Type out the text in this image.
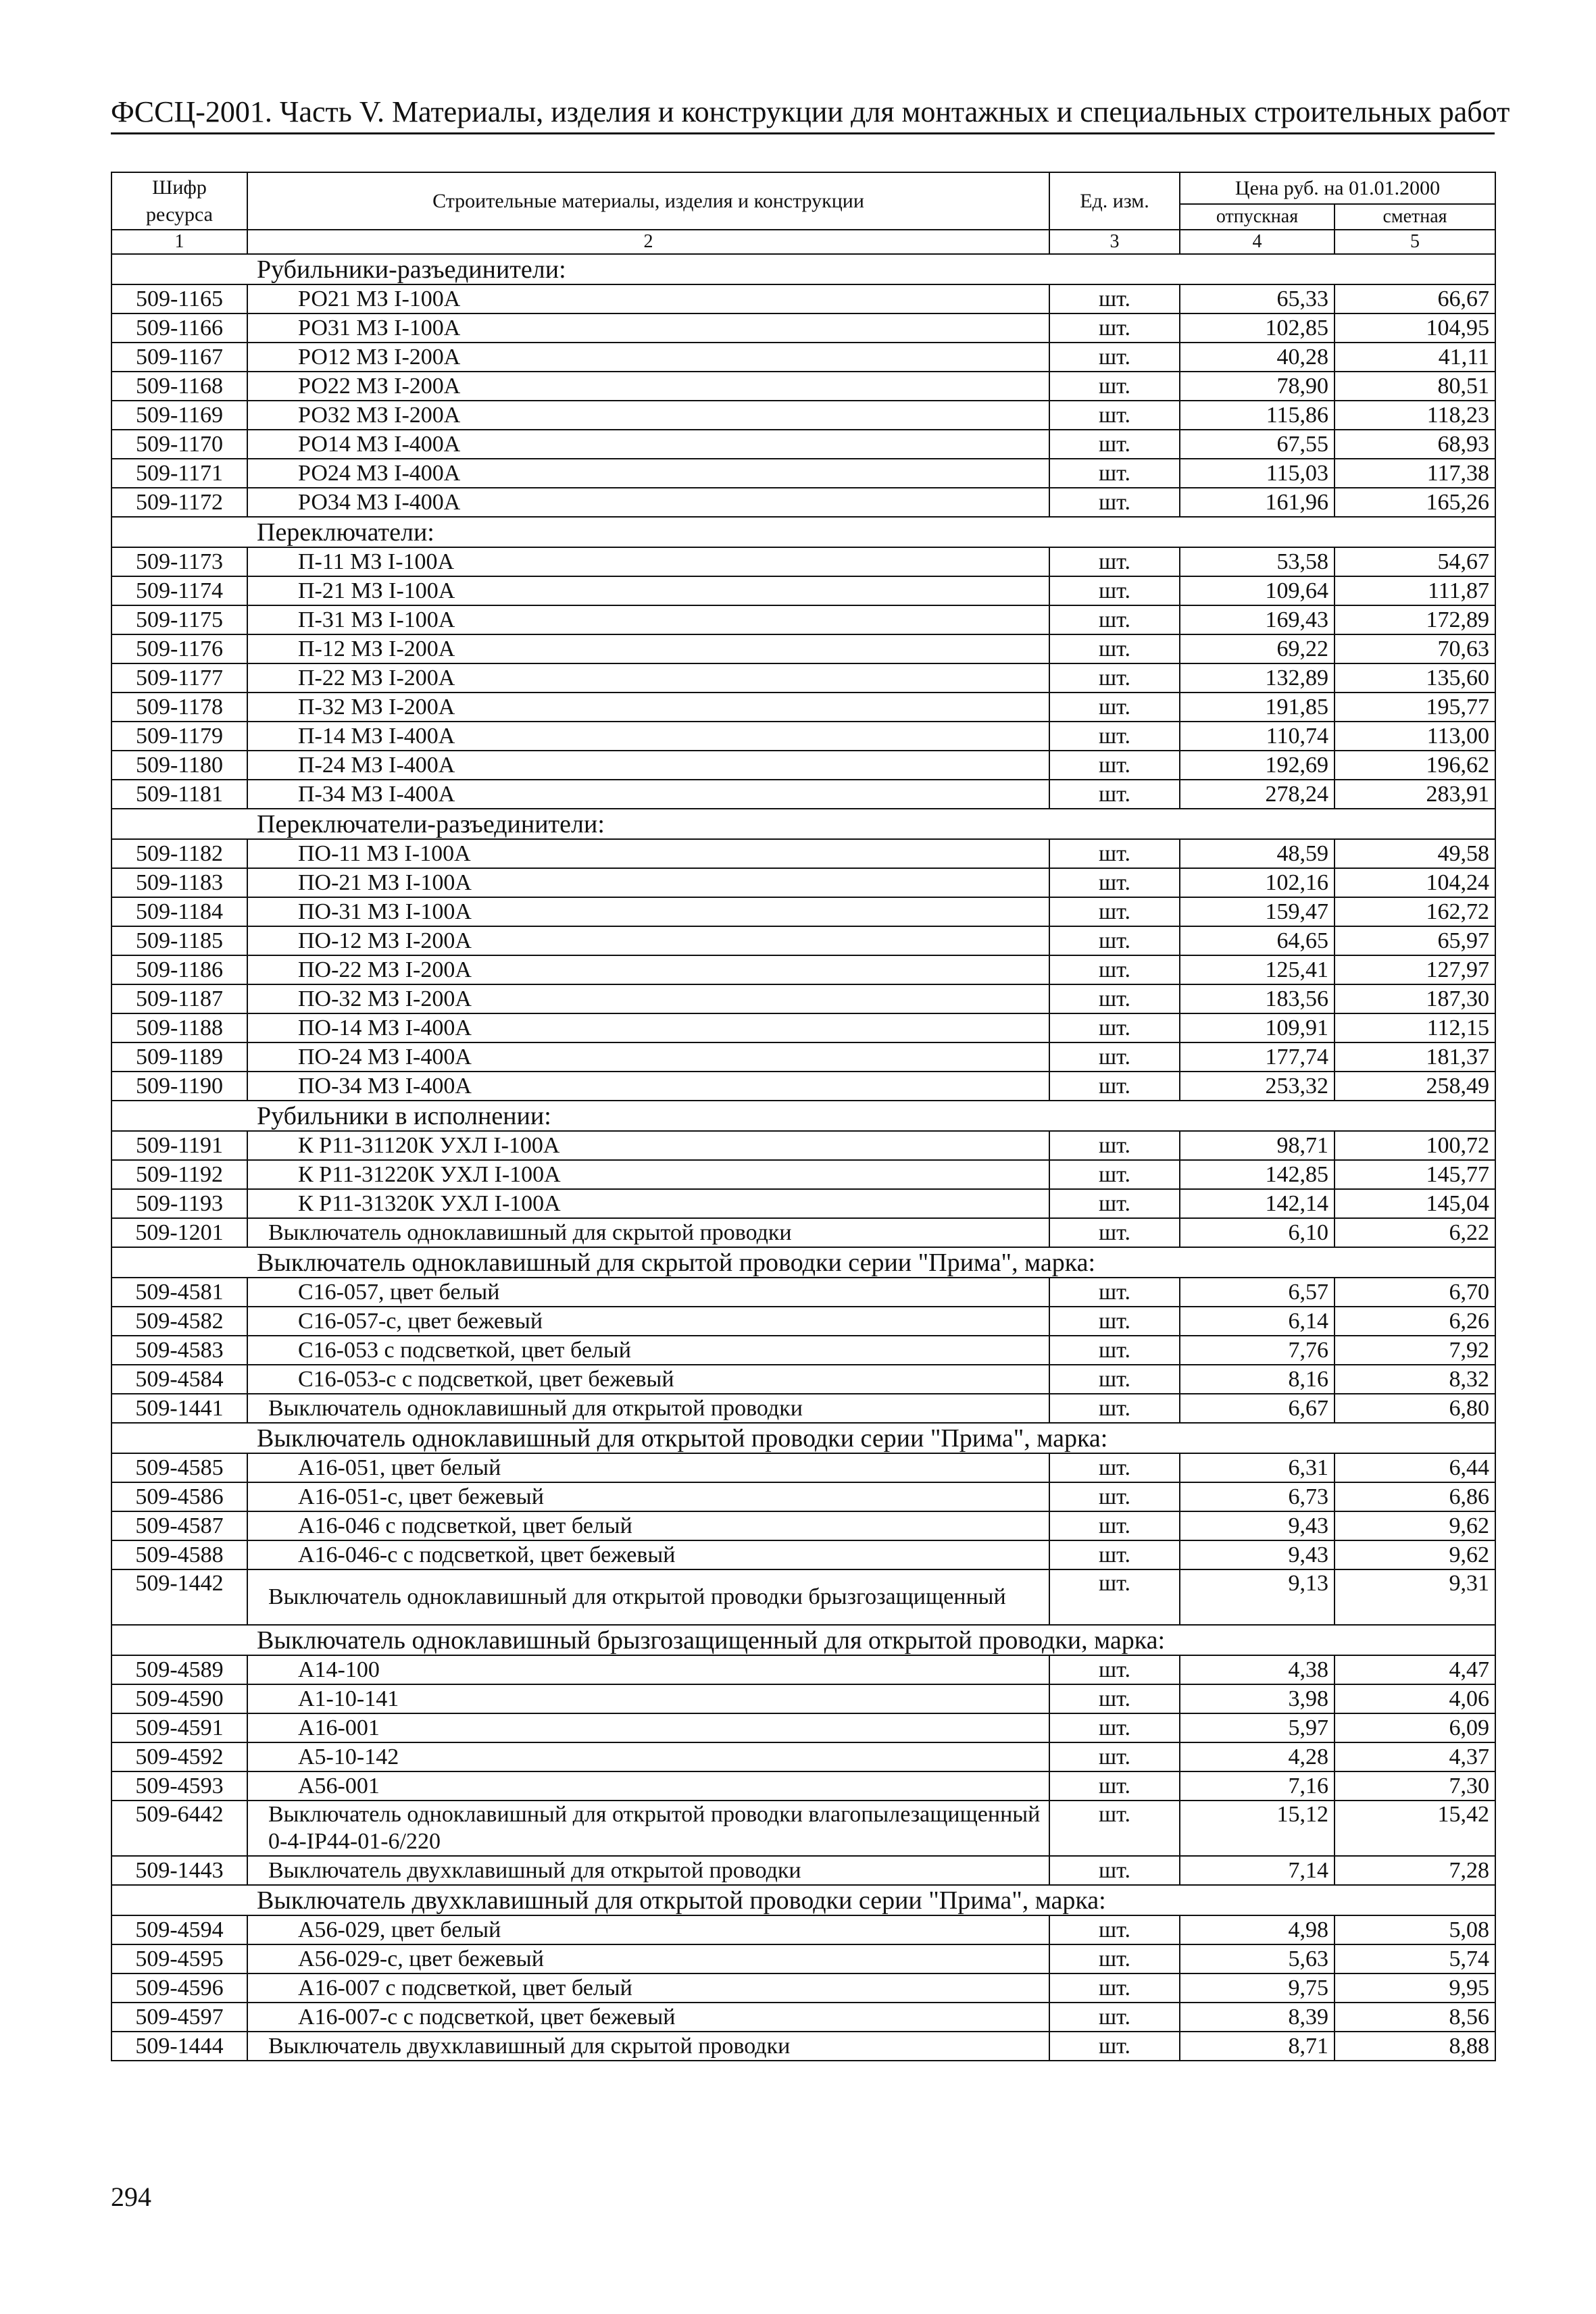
ФССЦ-2001. Часть V. Материалы, изделия и конструкции для монтажных и специальных строительных работ
Шифр ресурса	Строительные материалы, изделия и конструкции	Ед. изм.	Цена руб. на 01.01.2000	
			отпускная	сметная
1	2	3	4	5
Рубильники-разъединители:				
509-1165	РО21 МЗ I-100А	шт.	65,33	66,67
509-1166	РО31 МЗ I-100А	шт.	102,85	104,95
509-1167	РО12 МЗ I-200А	шт.	40,28	41,11
509-1168	РО22 МЗ I-200А	шт.	78,90	80,51
509-1169	РО32 МЗ I-200А	шт.	115,86	118,23
509-1170	РО14 МЗ I-400А	шт.	67,55	68,93
509-1171	РО24 МЗ I-400А	шт.	115,03	117,38
509-1172	РО34 МЗ I-400А	шт.	161,96	165,26
Переключатели:				
509-1173	П-11 МЗ I-100А	шт.	53,58	54,67
509-1174	П-21 МЗ I-100А	шт.	109,64	111,87
509-1175	П-31 МЗ I-100А	шт.	169,43	172,89
509-1176	П-12 МЗ I-200А	шт.	69,22	70,63
509-1177	П-22 МЗ I-200А	шт.	132,89	135,60
509-1178	П-32 МЗ I-200А	шт.	191,85	195,77
509-1179	П-14 МЗ I-400А	шт.	110,74	113,00
509-1180	П-24 МЗ I-400А	шт.	192,69	196,62
509-1181	П-34 МЗ I-400А	шт.	278,24	283,91
Переключатели-разъединители:				
509-1182	ПО-11 МЗ I-100А	шт.	48,59	49,58
509-1183	ПО-21 МЗ I-100А	шт.	102,16	104,24
509-1184	ПО-31 МЗ I-100А	шт.	159,47	162,72
509-1185	ПО-12 МЗ I-200А	шт.	64,65	65,97
509-1186	ПО-22 МЗ I-200А	шт.	125,41	127,97
509-1187	ПО-32 МЗ I-200А	шт.	183,56	187,30
509-1188	ПО-14 МЗ I-400А	шт.	109,91	112,15
509-1189	ПО-24 МЗ I-400А	шт.	177,74	181,37
509-1190	ПО-34 МЗ I-400А	шт.	253,32	258,49
Рубильники в исполнении:				
509-1191	К Р11-31120К УХЛ I-100А	шт.	98,71	100,72
509-1192	К Р11-31220К УХЛ I-100А	шт.	142,85	145,77
509-1193	К Р11-31320К УХЛ I-100А	шт.	142,14	145,04
509-1201	Выключатель одноклавишный для скрытой проводки	шт.	6,10	6,22
Выключатель одноклавишный для скрытой проводки серии "Прима", марка:				
509-4581	С16-057, цвет белый	шт.	6,57	6,70
509-4582	С16-057-с, цвет бежевый	шт.	6,14	6,26
509-4583	С16-053 с подсветкой, цвет белый	шт.	7,76	7,92
509-4584	С16-053-с с подсветкой, цвет бежевый	шт.	8,16	8,32
509-1441	Выключатель одноклавишный для открытой проводки	шт.	6,67	6,80
Выключатель одноклавишный для открытой проводки серии "Прима", марка:				
509-4585	А16-051, цвет белый	шт.	6,31	6,44
509-4586	А16-051-с, цвет бежевый	шт.	6,73	6,86
509-4587	А16-046 с подсветкой, цвет белый	шт.	9,43	9,62
509-4588	А16-046-с с подсветкой, цвет бежевый	шт.	9,43	9,62
509-1442	Выключатель одноклавишный для открытой проводки брызгозащищенный	шт.	9,13	9,31
Выключатель одноклавишный брызгозащищенный для открытой проводки, марка:				
509-4589	А14-100	шт.	4,38	4,47
509-4590	А1-10-141	шт.	3,98	4,06
509-4591	А16-001	шт.	5,97	6,09
509-4592	А5-10-142	шт.	4,28	4,37
509-4593	А56-001	шт.	7,16	7,30
509-6442	Выключатель одноклавишный для открытой проводки влагопылезащищенный 0-4-IP44-01-6/220	шт.	15,12	15,42
509-1443	Выключатель двухклавишный для открытой проводки	шт.	7,14	7,28
Выключатель двухклавишный для открытой проводки серии "Прима", марка:				
509-4594	А56-029, цвет белый	шт.	4,98	5,08
509-4595	А56-029-с, цвет бежевый	шт.	5,63	5,74
509-4596	А16-007 с подсветкой, цвет белый	шт.	9,75	9,95
509-4597	А16-007-с с подсветкой, цвет бежевый	шт.	8,39	8,56
509-1444	Выключатель двухклавишный для скрытой проводки	шт.	8,71	8,88
294
